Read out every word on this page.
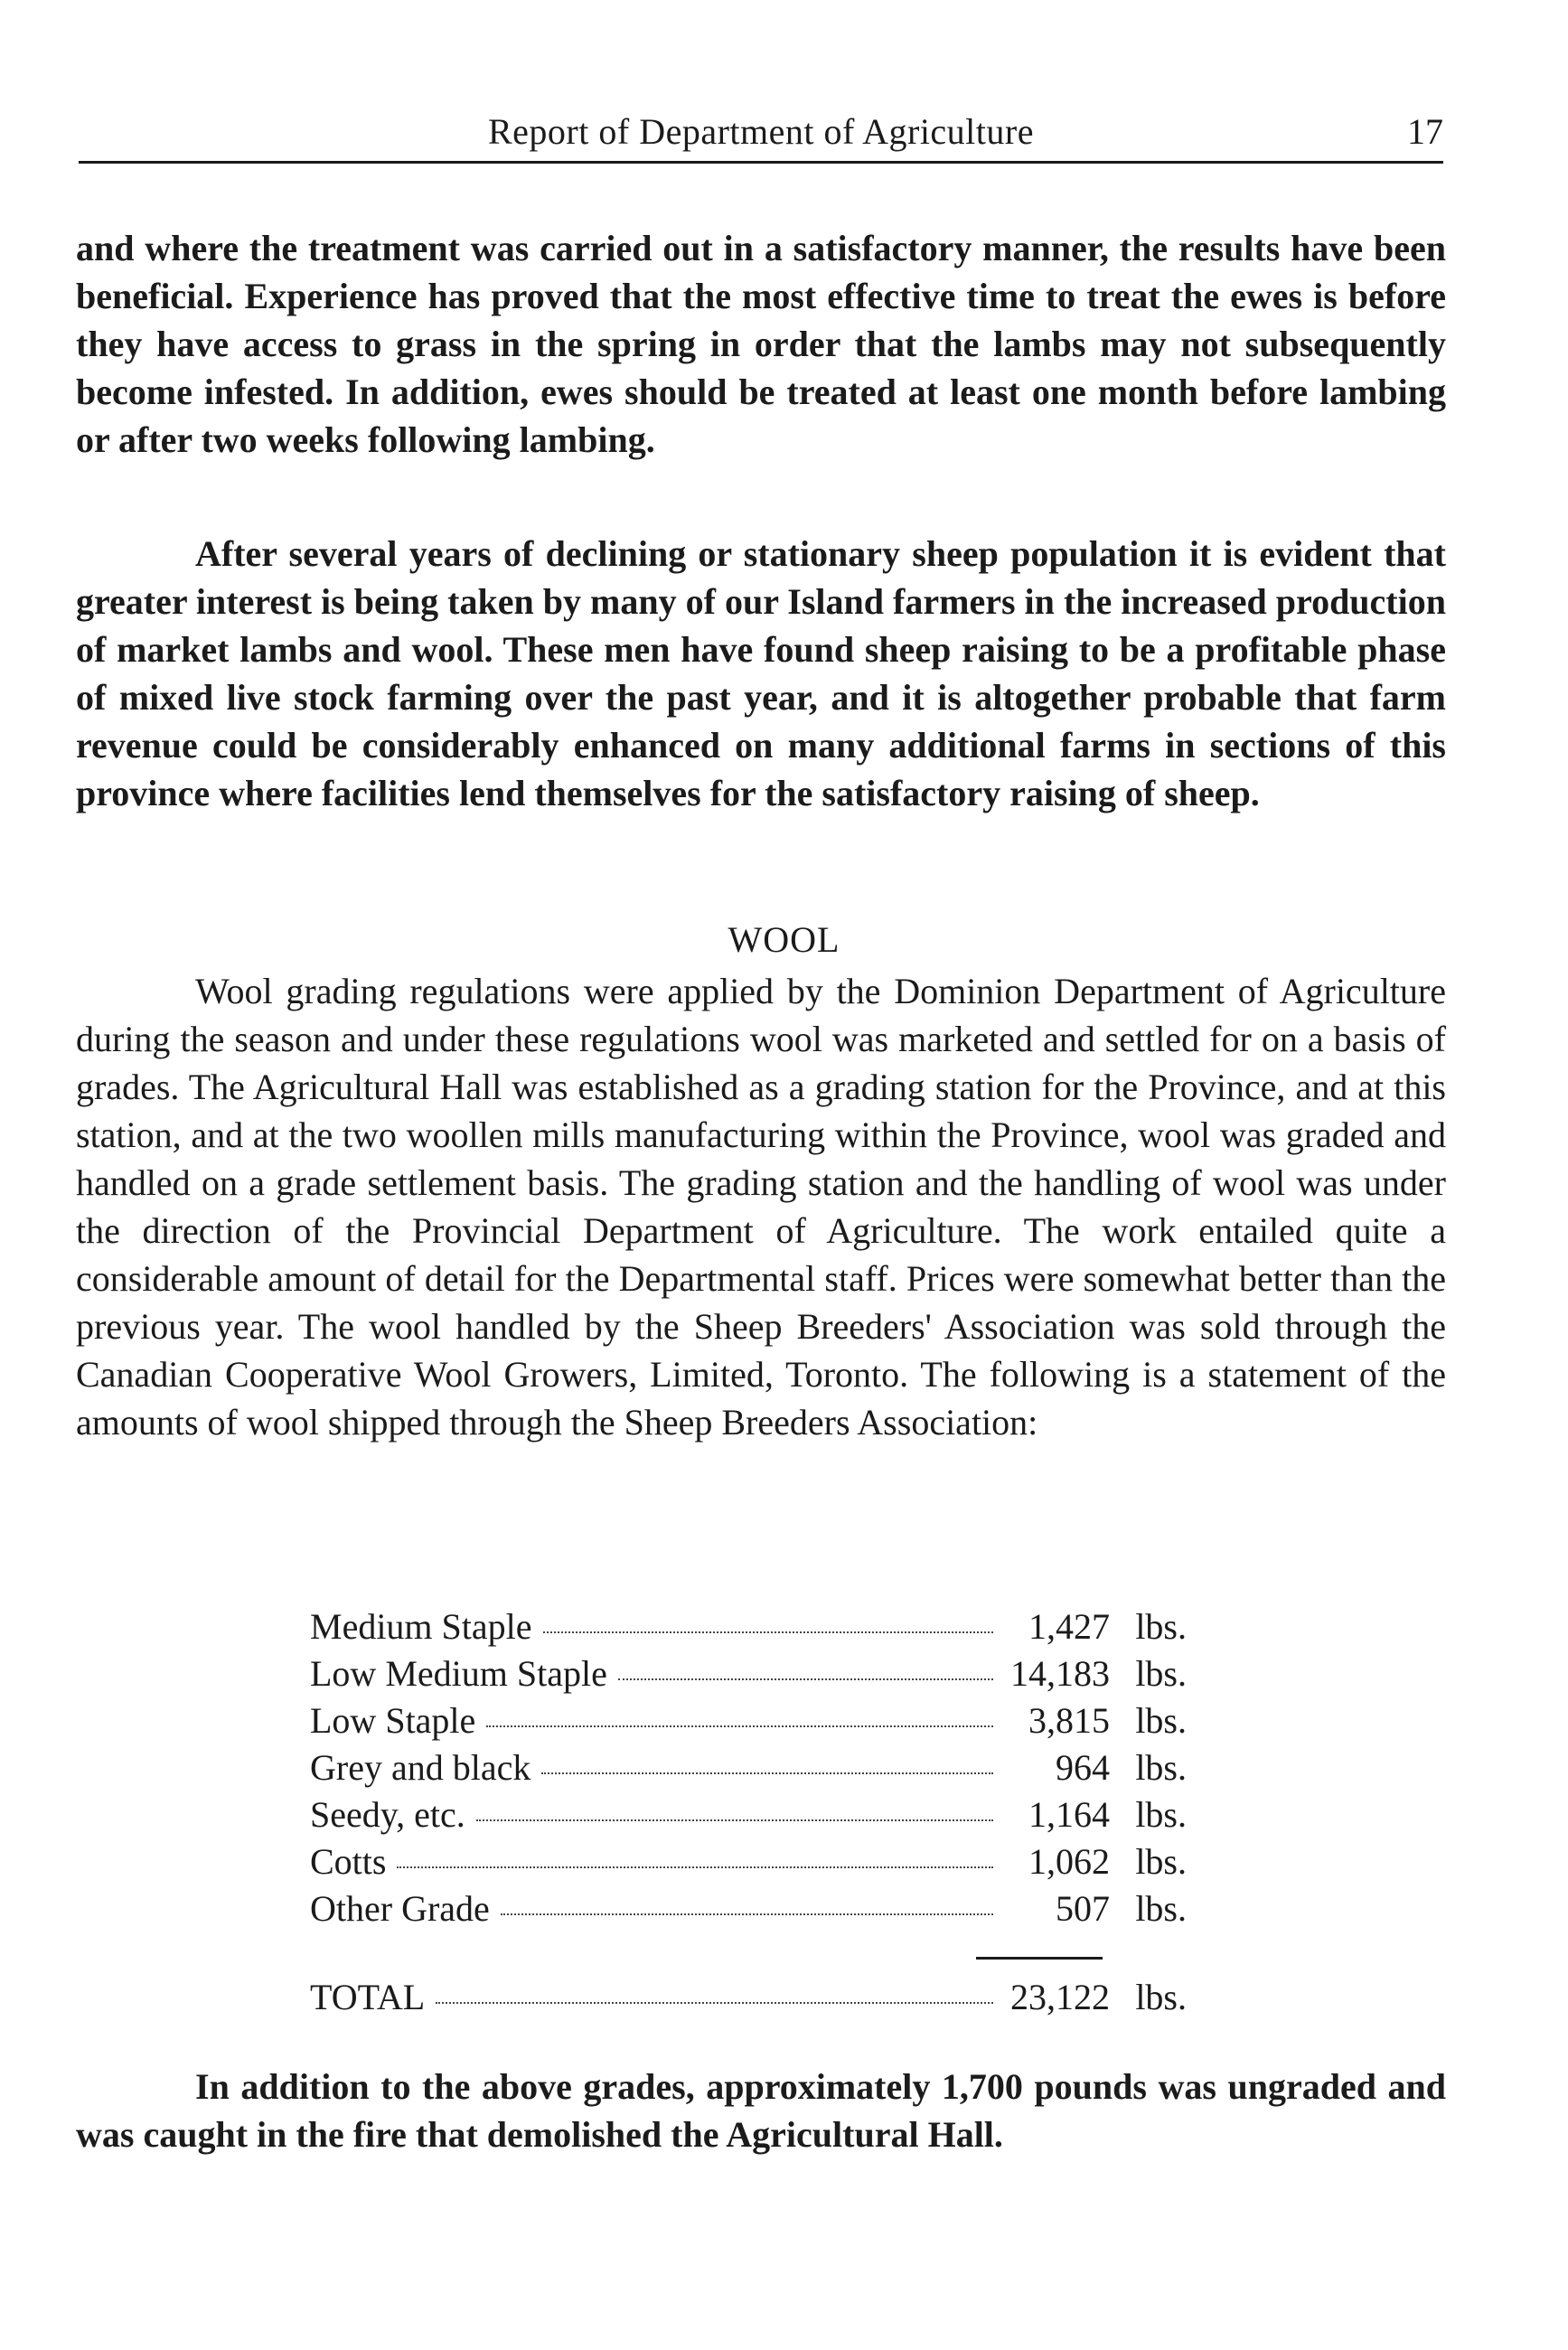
Report of Department of Agriculture	17

and where the treatment was carried out in a satisfactory manner, the results have been beneficial. Experience has proved that the most effective time to treat the ewes is before they have access to grass in the spring in order that the lambs may not subsequently become infested. In addition, ewes should be treated at least one month before lambing or after two weeks following lambing.

After several years of declining or stationary sheep population it is evident that greater interest is being taken by many of our Island farmers in the increased production of market lambs and wool. These men have found sheep raising to be a profitable phase of mixed live stock farming over the past year, and it is altogether probable that farm revenue could be considerably enhanced on many additional farms in sections of this province where facilities lend themselves for the satisfactory raising of sheep.

WOOL

Wool grading regulations were applied by the Dominion Department of Agriculture during the season and under these regulations wool was marketed and settled for on a basis of grades. The Agricultural Hall was established as a grading station for the Province, and at this station, and at the two woollen mills manufacturing within the Province, wool was graded and handled on a grade settlement basis. The grading station and the handling of wool was under the direction of the Provincial Department of Agriculture. The work entailed quite a considerable amount of detail for the Departmental staff. Prices were somewhat better than the previous year. The wool handled by the Sheep Breeders' Association was sold through the Canadian Cooperative Wool Growers, Limited, Toronto. The following is a statement of the amounts of wool shipped through the Sheep Breeders Association:

Medium Staple	1,427 lbs.
Low Medium Staple	14,183 lbs.
Low Staple	3,815 lbs.
Grey and black	964 lbs.
Seedy, etc.	1,164 lbs.
Cotts	1,062 lbs.
Other Grade	507 lbs.
TOTAL	23,122 lbs.

In addition to the above grades, approximately 1,700 pounds was ungraded and was caught in the fire that demolished the Agricultural Hall.
